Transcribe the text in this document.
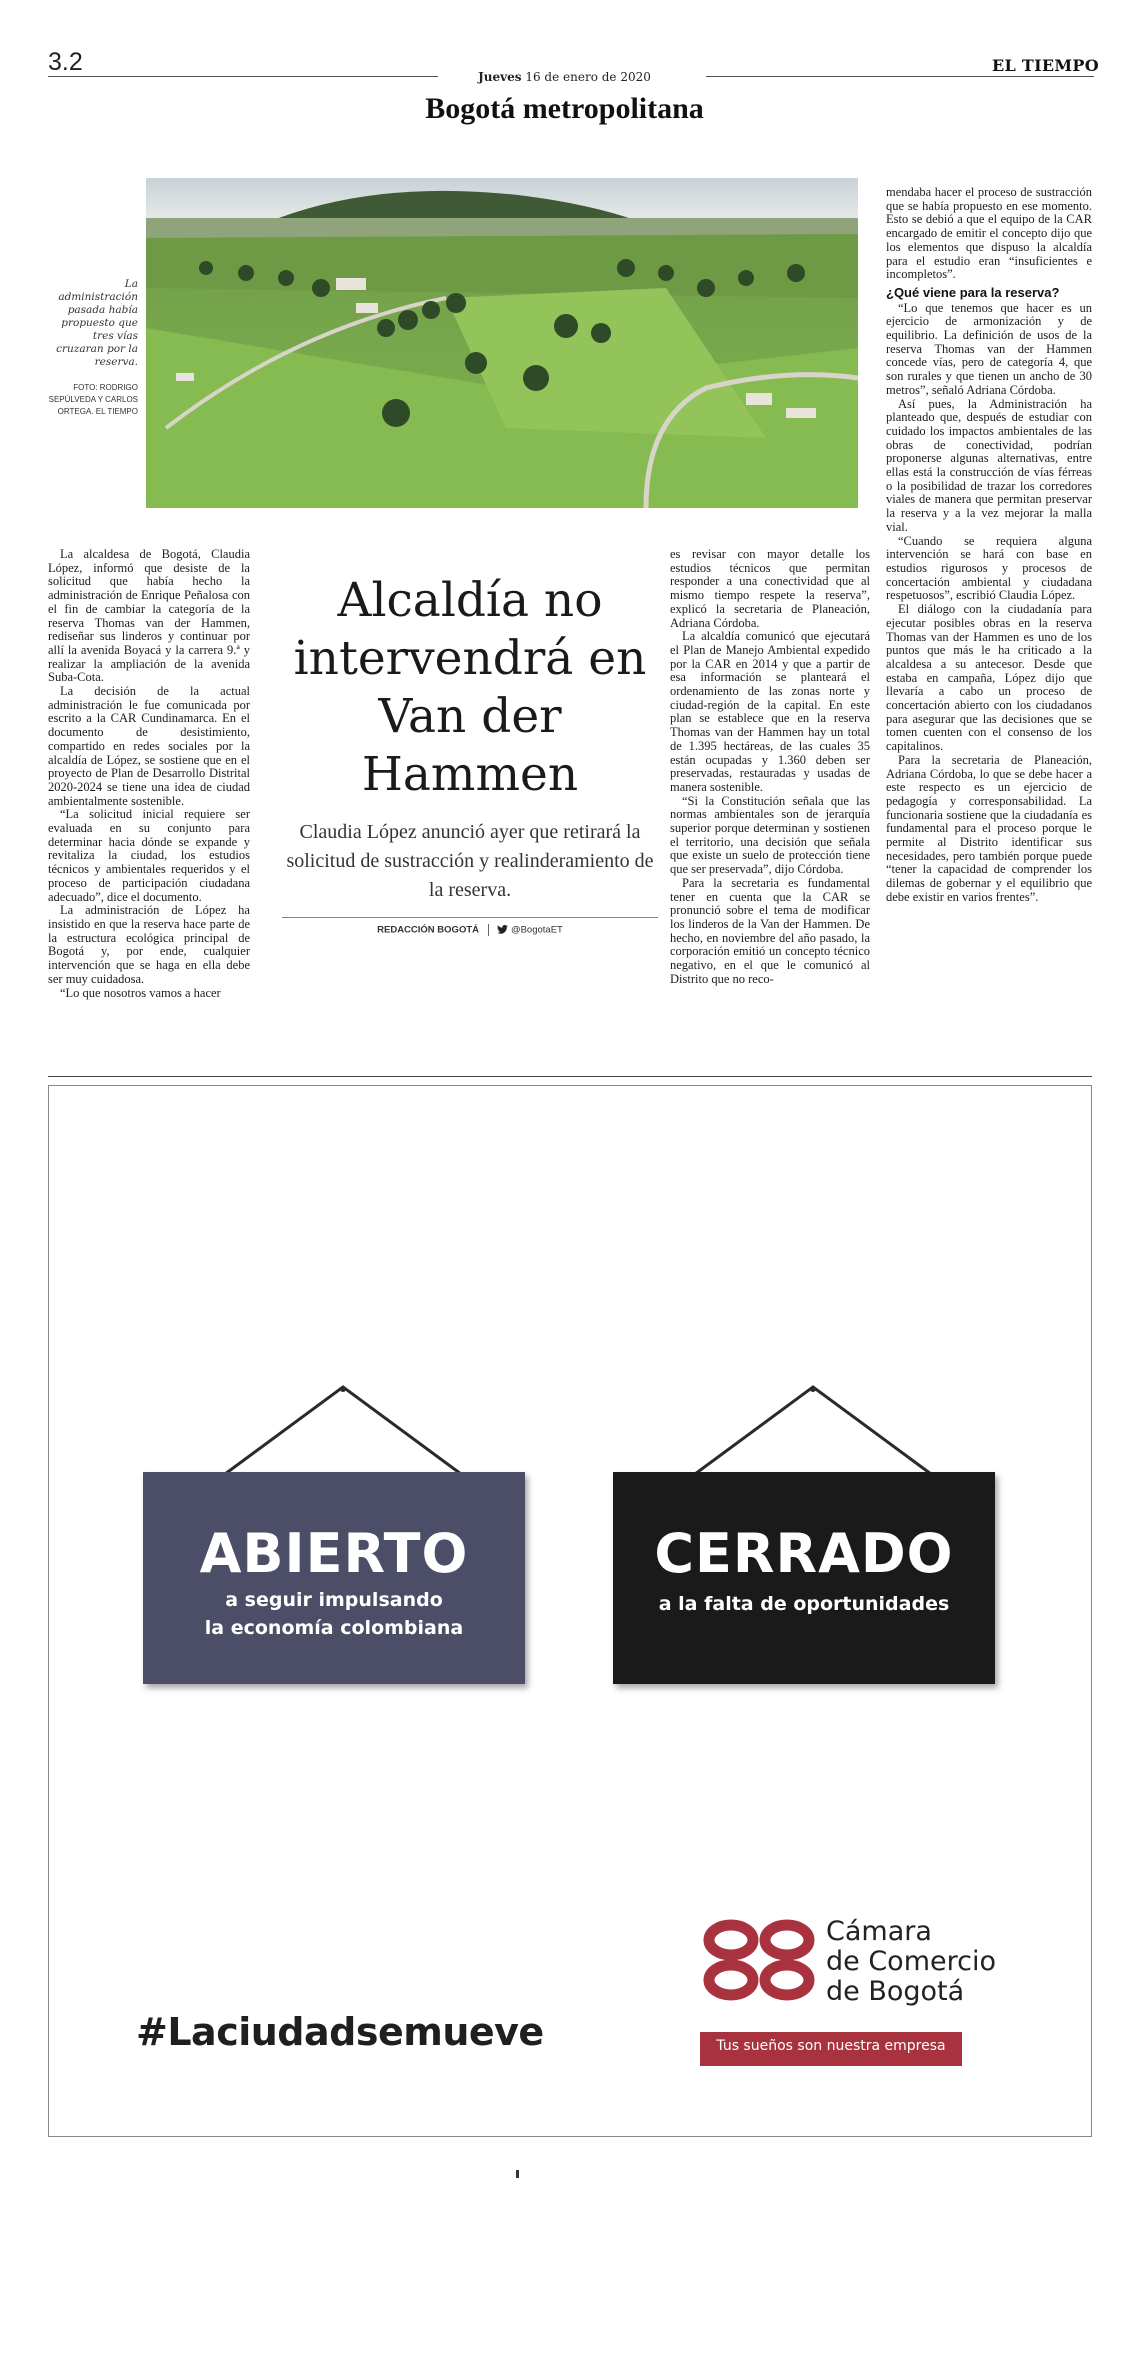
3.2
Jueves 16 de enero de 2020
EL TIEMPO
Bogotá metropolitana
La administración pasada había propuesto que tres vías cruzaran por la reserva.
FOTO: RODRIGO SEPÚLVEDA Y CARLOS ORTEGA. EL TIEMPO

La alcaldesa de Bogotá, Claudia López, informó que desiste de la solicitud que había hecho la administración de Enrique Peñalosa con el fin de cambiar la categoría de la reserva Thomas van der Hammen, rediseñar sus linderos y continuar por allí la avenida Boyacá y la carrera 9.ª y realizar la ampliación de la avenida Suba-Cota.

La decisión de la actual administración le fue comunicada por escrito a la CAR Cundinamarca. En el documento de desistimiento, compartido en redes sociales por la alcaldía de López, se sostiene que en el proyecto de Plan de Desarrollo Distrital 2020-2024 se tiene una idea de ciudad ambientalmente sostenible.

“La solicitud inicial requiere ser evaluada en su conjunto para determinar hacia dónde se expande y revitaliza la ciudad, los estudios técnicos y ambientales requeridos y el proceso de participación ciudadana adecuado”, dice el documento.

La administración de López ha insistido en que la reserva hace parte de la estructura ecológica principal de Bogotá y, por ende, cualquier intervención que se haga en ella debe ser muy cuidadosa.

“Lo que nosotros vamos a hacer

Alcaldía no intervendrá en Van der Hammen
Claudia López anunció ayer que retirará la solicitud de sustracción y realinderamiento de la reserva.
REDACCIÓN BOGOTÁ	@BogotaET

es revisar con mayor detalle los estudios técnicos que permitan responder a una conectividad que al mismo tiempo respete la reserva”, explicó la secretaria de Planeación, Adriana Córdoba.

La alcaldía comunicó que ejecutará el Plan de Manejo Ambiental expedido por la CAR en 2014 y que a partir de esa información se planteará el ordenamiento de las zonas norte y ciudad-región de la capital. En este plan se establece que en la reserva Thomas van der Hammen hay un total de 1.395 hectáreas, de las cuales 35 están ocupadas y 1.360 deben ser preservadas, restauradas y usadas de manera sostenible.

“Si la Constitución señala que las normas ambientales son de jerarquía superior porque determinan y sostienen el territorio, una decisión que señala que existe un suelo de protección tiene que ser preservada”, dijo Córdoba.

Para la secretaria es fundamental tener en cuenta que la CAR se pronunció sobre el tema de modificar los linderos de la Van der Hammen. De hecho, en noviembre del año pasado, la corporación emitió un concepto técnico negativo, en el que le comunicó al Distrito que no reco-

mendaba hacer el proceso de sustracción que se había propuesto en ese momento. Esto se debió a que el equipo de la CAR encargado de emitir el concepto dijo que los elementos que dispuso la alcaldía para el estudio eran “insuficientes e incompletos”.

¿Qué viene para la reserva?

“Lo que tenemos que hacer es un ejercicio de armonización y de equilibrio. La definición de usos de la reserva Thomas van der Hammen concede vías, pero de categoría 4, que son rurales y que tienen un ancho de 30 metros”, señaló Adriana Córdoba.

Así pues, la Administración ha planteado que, después de estudiar con cuidado los impactos ambientales de las obras de conectividad, podrían proponerse algunas alternativas, entre ellas está la construcción de vías férreas o la posibilidad de trazar los corredores viales de manera que permitan preservar la reserva y a la vez mejorar la malla vial.

“Cuando se requiera alguna intervención se hará con base en estudios rigurosos y procesos de concertación ambiental y ciudadana respetuosos”, escribió Claudia López.

El diálogo con la ciudadanía para ejecutar posibles obras en la reserva Thomas van der Hammen es uno de los puntos que más le ha criticado a la alcaldesa a su antecesor. Desde que estaba en campaña, López dijo que llevaría a cabo un proceso de concertación abierto con los ciudadanos para asegurar que las decisiones que se tomen cuenten con el consenso de los capitalinos.

Para la secretaria de Planeación, Adriana Córdoba, lo que se debe hacer a este respecto es un ejercicio de pedagogía y corresponsabilidad. La funcionaria sostiene que la ciudadanía es fundamental para el proceso porque le permite al Distrito identificar sus necesidades, pero también porque puede “tener la capacidad de comprender los dilemas de gobernar y el equilibrio que debe existir en varios frentes”.

ABIERTO
a seguir impulsando
la economía colombiana
CERRADO
a la falta de oportunidades
#Laciudadsemueve
Cámara
de Comercio
de Bogotá
Tus sueños son nuestra empresa
